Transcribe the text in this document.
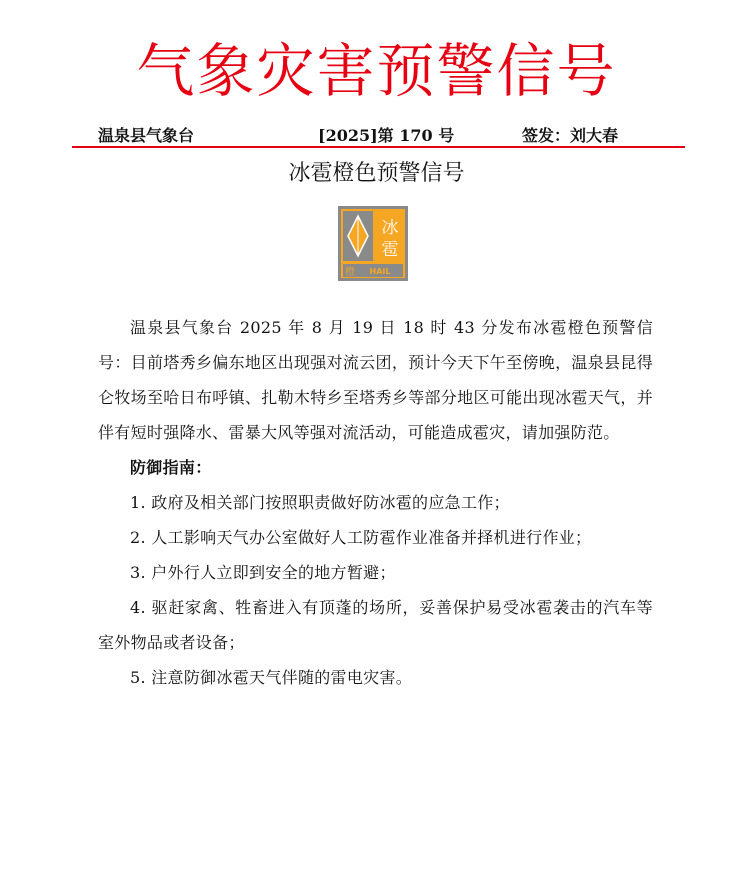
气象灾害预警信号
温泉县气象台	[2025]第 170 号	签发：刘大春
冰雹橙色预警信号
冰
雹
橙 HAIL

温泉县气象台 2025 年 8 月 19 日 18 时 43 分发布冰雹橙色预警信号：目前塔秀乡偏东地区出现强对流云团，预计今天下午至傍晚，温泉县昆得仑牧场至哈日布呼镇、扎勒木特乡至塔秀乡等部分地区可能出现冰雹天气，并伴有短时强降水、雷暴大风等强对流活动，可能造成雹灾，请加强防范。

防御指南：
1. 政府及相关部门按照职责做好防冰雹的应急工作；
2. 人工影响天气办公室做好人工防雹作业准备并择机进行作业；
3. 户外行人立即到安全的地方暂避；
4. 驱赶家禽、牲畜进入有顶蓬的场所，妥善保护易受冰雹袭击的汽车等室外物品或者设备；
5. 注意防御冰雹天气伴随的雷电灾害。
